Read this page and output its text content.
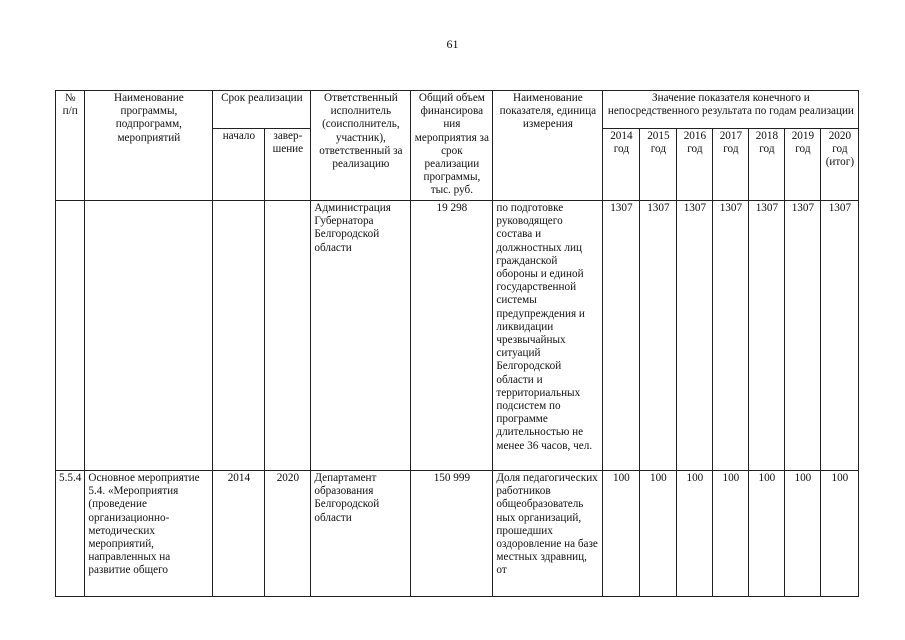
61
№ п/п	Наименование программы, подпрограмм, мероприятий	Срок реализации		Ответственный исполнитель (соисполнитель, участник), ответственный за реализацию	Общий объем финансирова ния мероприятия за срок реализации программы, тыс. руб.	Наименование показателя, единица измерения	Значение показателя конечного и непосредственного результата по годам реализации						
		начало	завер-шение				2014 год	2015 год	2016 год	2017 год	2018 год	2019 год	2020 год (итог)
				Администрация Губернатора Белгородской области	19 298	по подготовке руководящего состава и должностных лиц гражданской обороны и единой государственной системы предупреждения и ликвидации чрезвычайных ситуаций Белгородской области и территориальных подсистем по программе длительностью не менее 36 часов, чел.	1307	1307	1307	1307	1307	1307	1307
5.5.4	Основное мероприятие 5.4. «Мероприятия (проведение организационно-методических мероприятий, направленных на развитие общего	2014	2020	Департамент образования Белгородской области	150 999	Доля педагогических работников общеобразователь ных организаций, прошедших оздоровление на базе местных здравниц, от	100	100	100	100	100	100	100
